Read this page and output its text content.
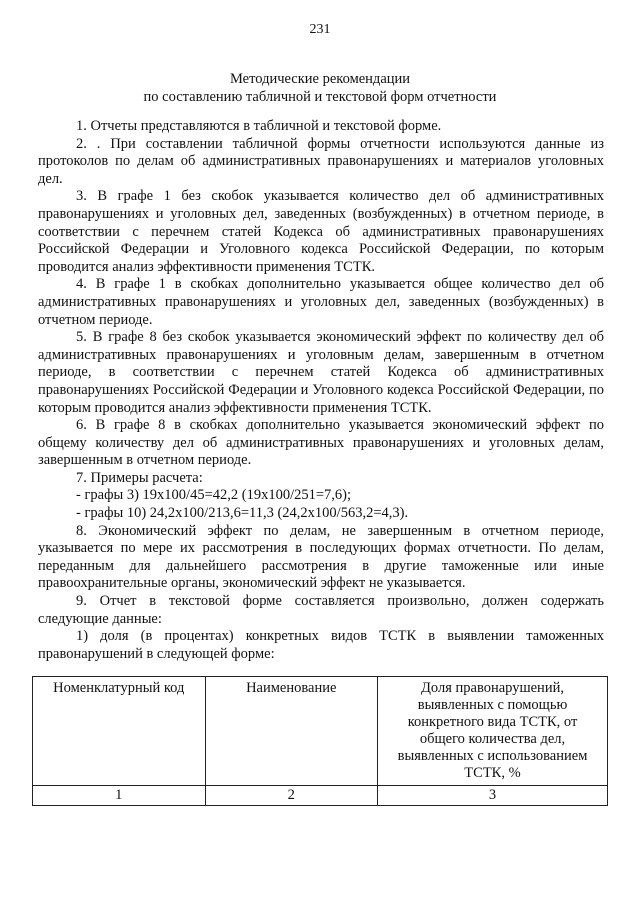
231
Методические рекомендации
по составлению табличной и текстовой форм отчетности

1. Отчеты представляются в табличной и текстовой форме.

2. . При составлении табличной формы отчетности используются данные из протоколов по делам об административных правонарушениях и материалов уголовных дел.

3. В графе 1 без скобок указывается количество дел об административных правонарушениях и уголовных дел, заведенных (возбужденных) в отчетном периоде, в соответствии с перечнем статей Кодекса об административных правонарушениях Российской Федерации и Уголовного кодекса Российской Федерации, по которым проводится анализ эффективности применения ТСТК.

4. В графе 1 в скобках дополнительно указывается общее количество дел об административных правонарушениях и уголовных дел, заведенных (возбужденных) в отчетном периоде.

5. В графе 8 без скобок указывается экономический эффект по количеству дел об административных правонарушениях и уголовным делам, завершенным в отчетном периоде, в соответствии с перечнем статей Кодекса об административных правонарушениях Российской Федерации и Уголовного кодекса Российской Федерации, по которым проводится анализ эффективности применения ТСТК.

6. В графе 8 в скобках дополнительно указывается экономический эффект по общему количеству дел об административных правонарушениях и уголовных делам, завершенным в отчетном периоде.

7. Примеры расчета:

- графы 3) 19x100/45=42,2 (19x100/251=7,6);

- графы 10) 24,2x100/213,6=11,3 (24,2x100/563,2=4,3).

8. Экономический эффект по делам, не завершенным в отчетном периоде, указывается по мере их рассмотрения в последующих формах отчетности. По делам, переданным для дальнейшего рассмотрения в другие таможенные или иные правоохранительные органы, экономический эффект не указывается.

9. Отчет в текстовой форме составляется произвольно, должен содержать следующие данные:

1) доля (в процентах) конкретных видов ТСТК в выявлении таможенных правонарушений в следующей форме:

Номенклатурный код	Наименование	Доля правонарушений, выявленных с помощью конкретного вида ТСТК, от общего количества дел, выявленных с использованием ТСТК, %
1	2	3
